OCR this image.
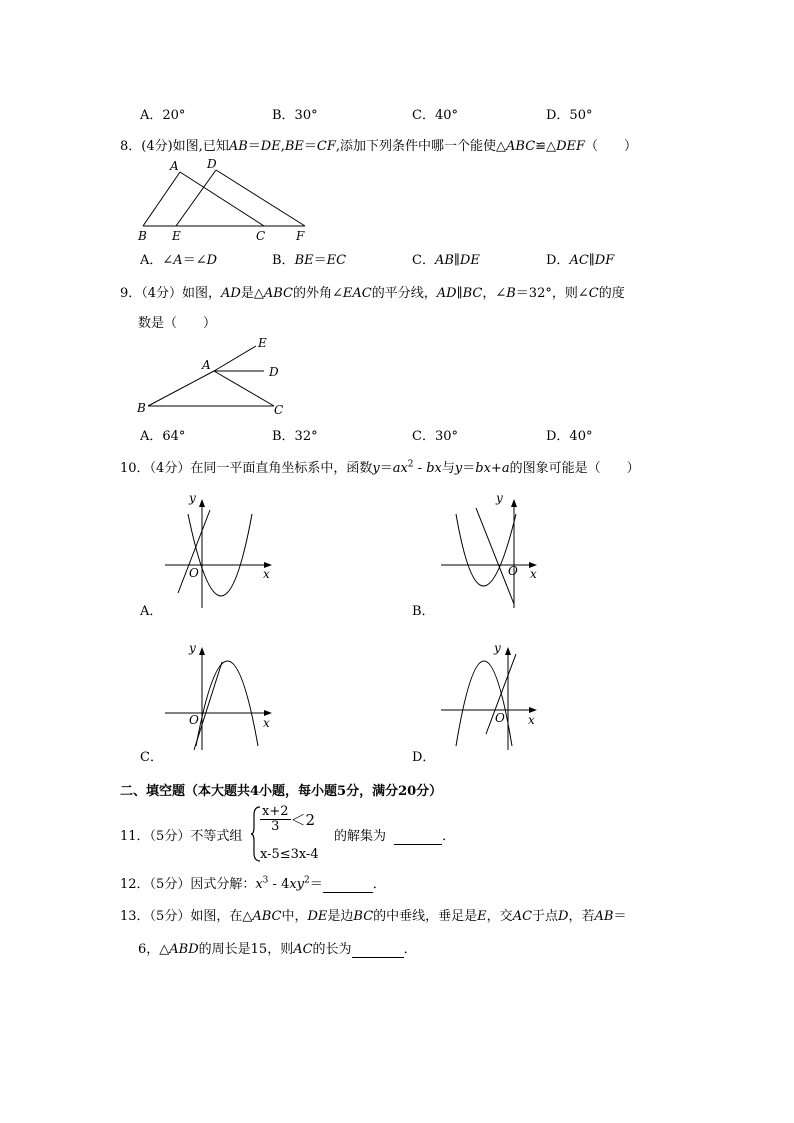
A．20°	B．30°	C．40°	D．50°
8．(4分)如图,已知AB＝DE,BE＝CF,添加下列条件中哪一个能使△ABC≌△DEF（　　）
A D
B E	C	F
A．∠A＝∠D	B．BE＝EC	C．AB∥DE	D．AC∥DF
9．（4分）如图，AD是△ABC的外角∠EAC的平分线，AD∥BC，∠B＝32°，则∠C的度
数是（　　）
A
E
D
B	C
A．64°	B．32°	C．30°	D．40°
10．（4分）在同一平面直角坐标系中，函数$y=ax^2$ - bx与y＝bx+a的图象可能是（　　）
y
x
O
A．
y
x
O
B．
y
x
O
C．
y
x
O
D．
二、填空题（本大题共4小题，每小题5分，满分20分）
11．（5分）不等式组
$\frac{x+2}{3} <2$
x-5≤3x-4
的解集为	．
12．（5分）因式分解：$x^3 - 4xy^2=$	．
13．（5分）如图，在△ABC中，DE是边BC的中垂线，垂足是E，交AC于点D，若AB＝
6，△ABD的周长是15，则AC的长为	．
